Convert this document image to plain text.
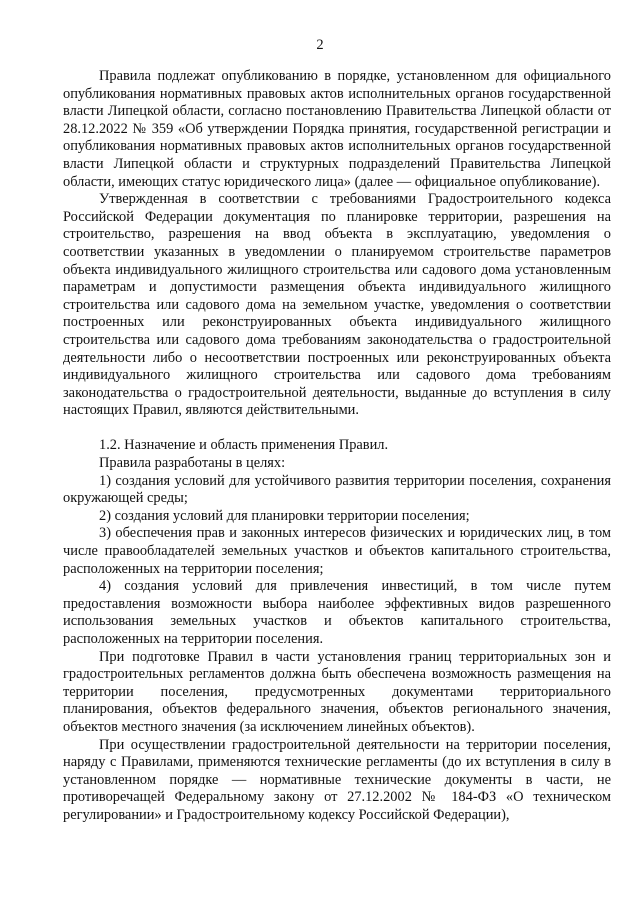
2

Правила подлежат опубликованию в порядке, установленном для официального опубликования нормативных правовых актов исполнительных органов государственной власти Липецкой области, согласно постановлению Правительства Липецкой области от 28.12.2022 № 359 «Об утверждении Порядка принятия, государственной регистрации и опубликования нормативных правовых актов исполнительных органов государственной власти Липецкой области и структурных подразделений Правительства Липецкой области, имеющих статус юридического лица» (далее — официальное опубликование).

Утвержденная в соответствии с требованиями Градостроительного кодекса Российской Федерации документация по планировке территории, разрешения на строительство, разрешения на ввод объекта в эксплуатацию, уведомления о соответствии указанных в уведомлении о планируемом строительстве параметров объекта индивидуального жилищного строительства или садового дома установленным параметрам и допустимости размещения объекта индивидуального жилищного строительства или садового дома на земельном участке, уведомления о соответствии построенных или реконструированных объекта индивидуального жилищного строительства или садового дома требованиям законодательства о градостроительной деятельности либо о несоответствии построенных или реконструированных объекта индивидуального жилищного строительства или садового дома требованиям законодательства о градостроительной деятельности, выданные до вступления в силу настоящих Правил, являются действительными.

1.2. Назначение и область применения Правил.

Правила разработаны в целях:

1) создания условий для устойчивого развития территории поселения, сохранения окружающей среды;

2) создания условий для планировки территории поселения;

3) обеспечения прав и законных интересов физических и юридических лиц, в том числе правообладателей земельных участков и объектов капитального строительства, расположенных на территории поселения;

4) создания условий для привлечения инвестиций, в том числе путем предоставления возможности выбора наиболее эффективных видов разрешенного использования земельных участков и объектов капитального строительства, расположенных на территории поселения.

При подготовке Правил в части установления границ территориальных зон и градостроительных регламентов должна быть обеспечена возможность размещения на территории поселения, предусмотренных документами территориального планирования, объектов федерального значения, объектов регионального значения, объектов местного значения (за исключением линейных объектов).

При осуществлении градостроительной деятельности на территории поселения, наряду с Правилами, применяются технические регламенты (до их вступления в силу в установленном порядке — нормативные технические документы в части, не противоречащей Федеральному закону от 27.12.2002 № 184-ФЗ «О техническом регулировании» и Градостроительному кодексу Российской Федерации),
